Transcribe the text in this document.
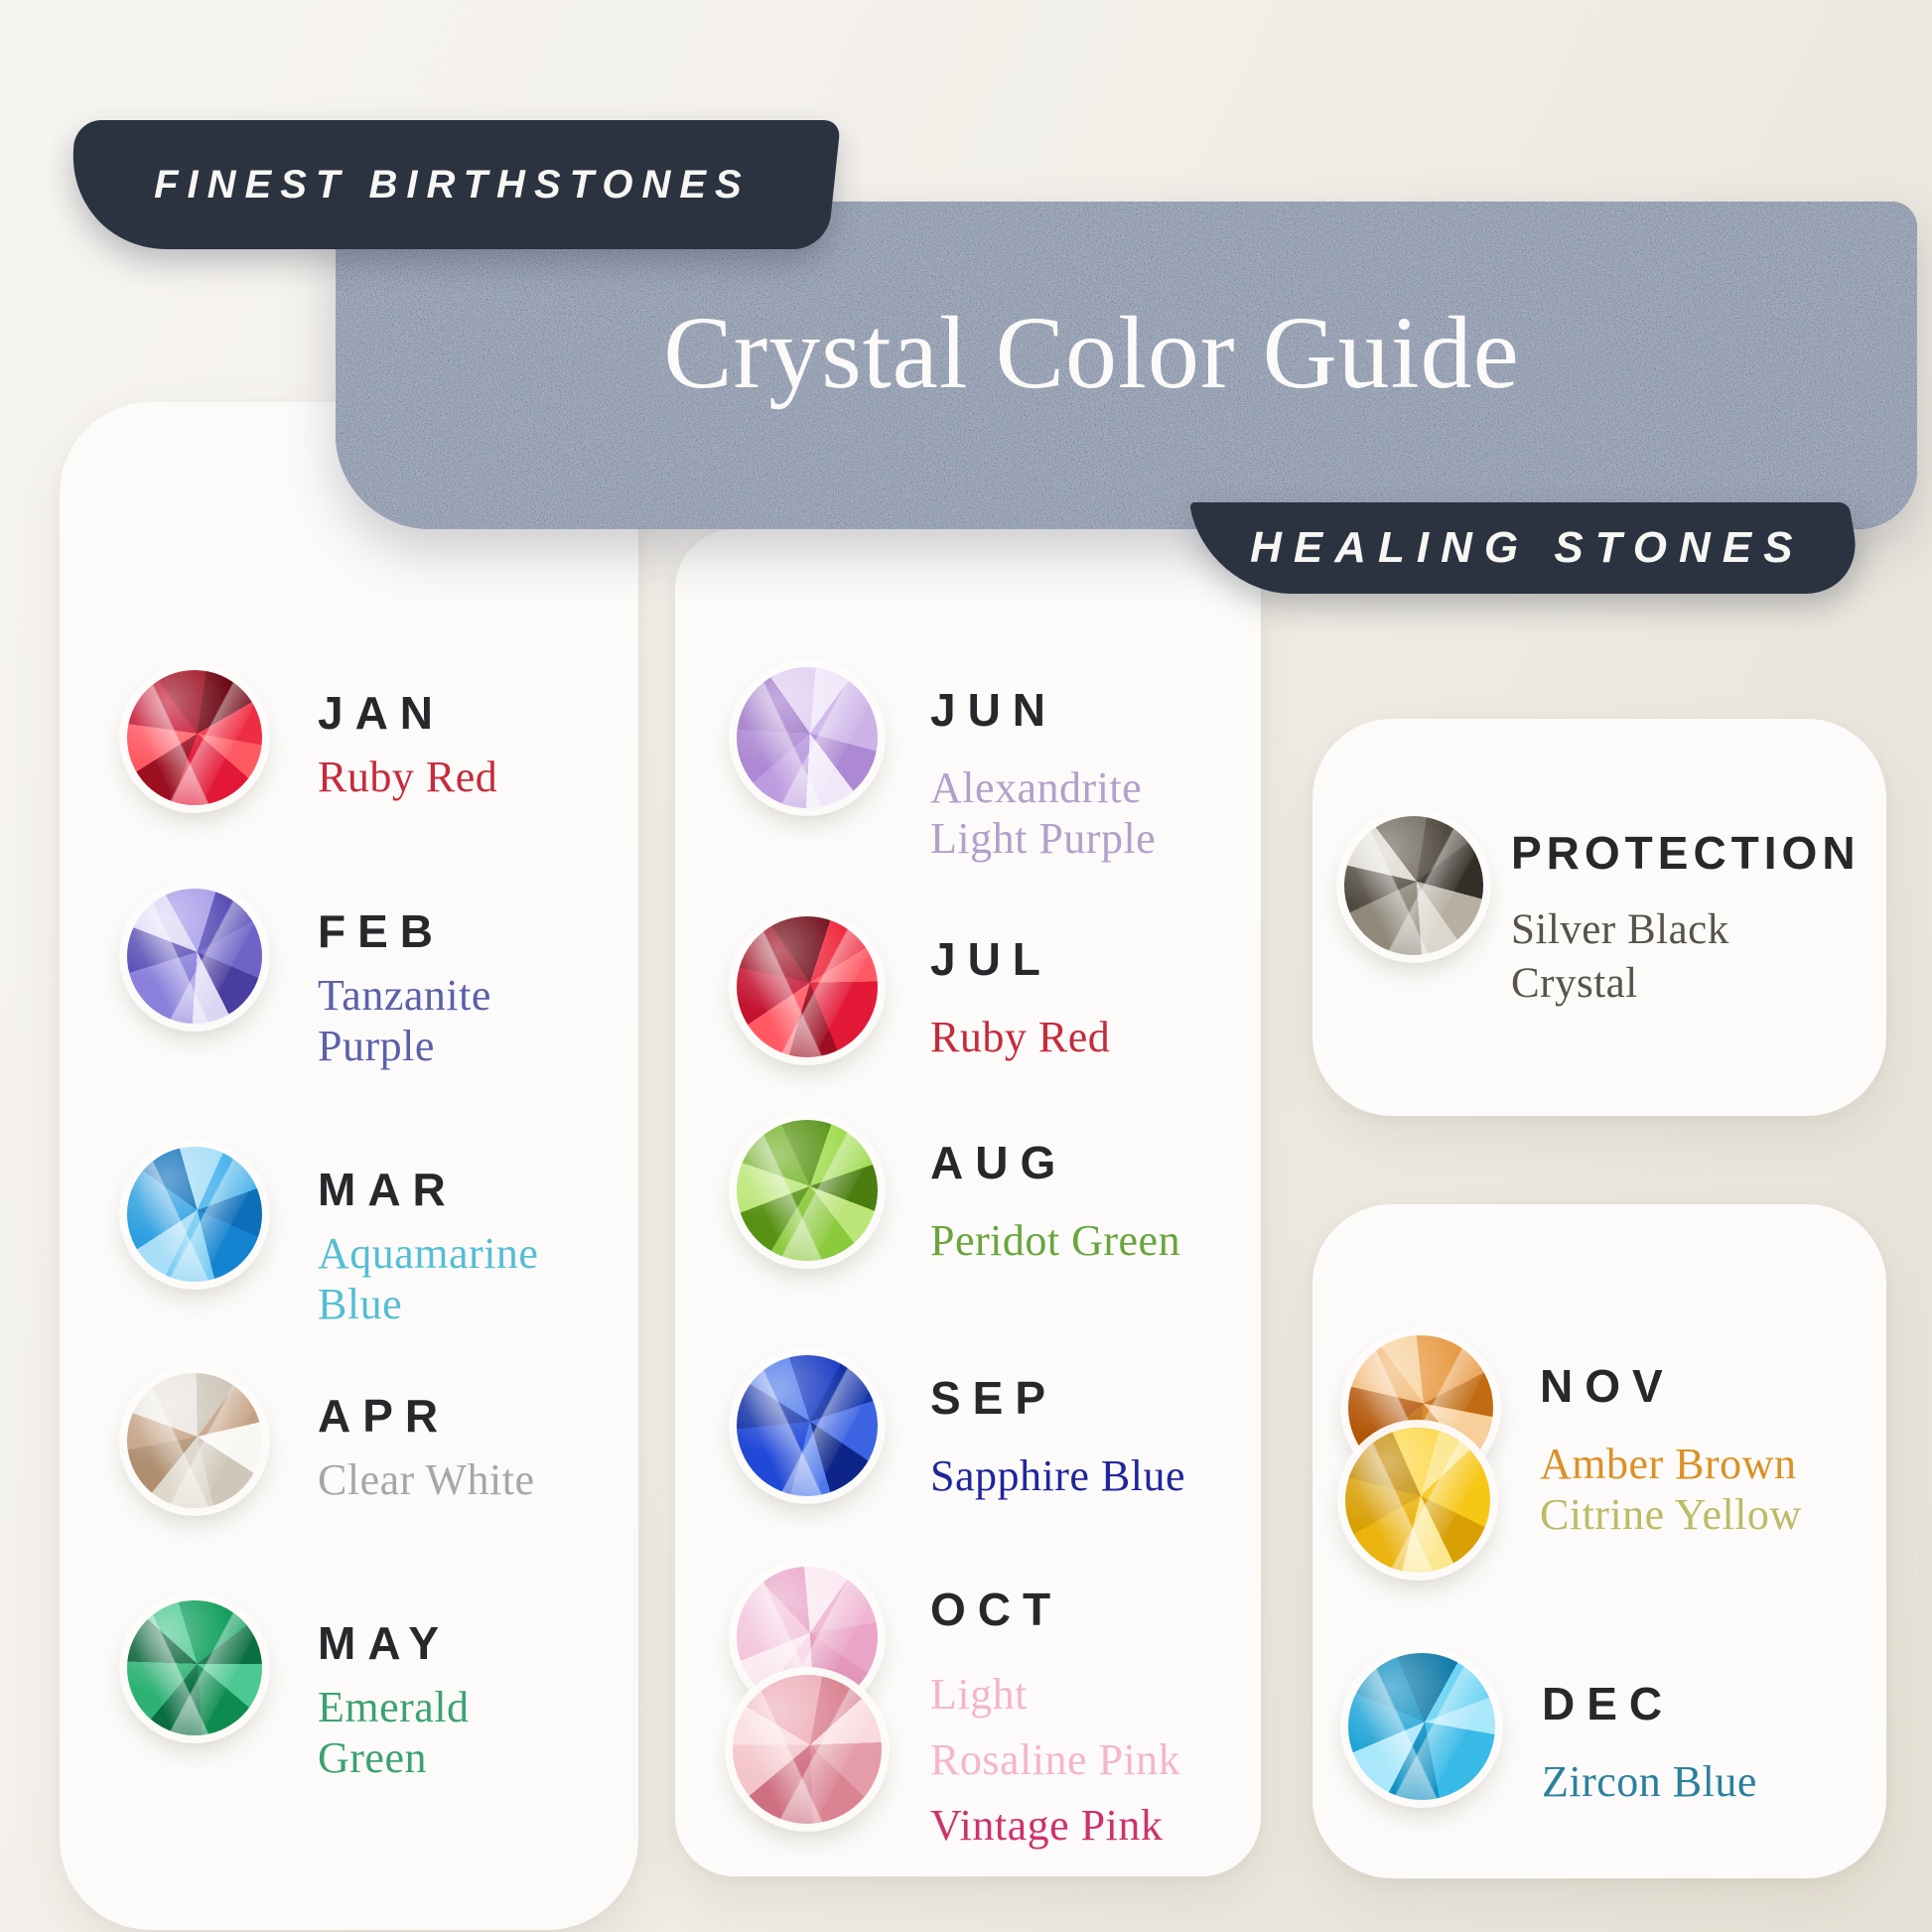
JAN
Ruby Red
FEB
Tanzanite
Purple
MAR
Aquamarine
Blue
APR
Clear White
MAY
Emerald
Green
JUN
Alexandrite
Light Purple
JUL
Ruby Red
AUG
Peridot Green
SEP
Sapphire Blue
OCT
Light
Rosaline Pink
Vintage Pink
PROTECTION
Silver Black
Crystal
NOV
Amber Brown
Citrine Yellow
DEC
Zircon Blue
Crystal Color Guide
FINEST BIRTHSTONES
HEALING STONES
